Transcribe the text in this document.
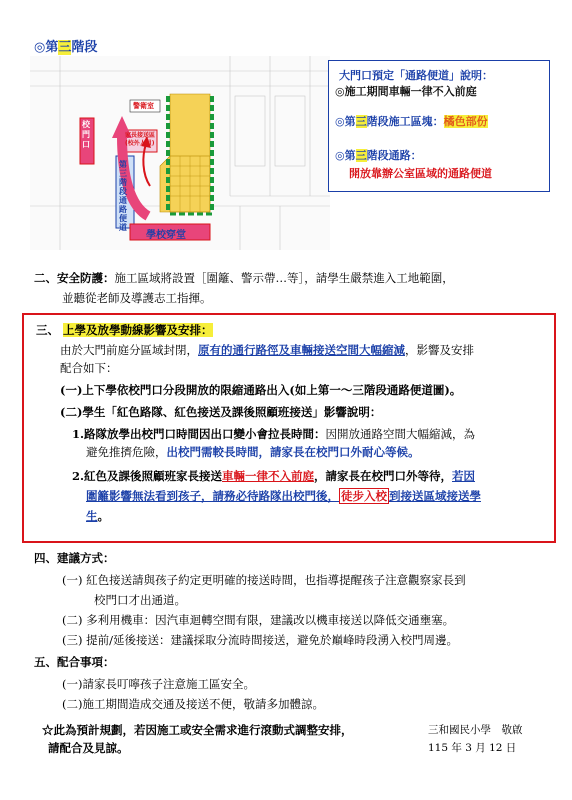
◎第三階段
校門口
警衛室
家長接送區
(校外人員)
第三階段通路便道
學校穿堂
大門口預定「通路便道」說明：
◎施工期間車輛一律不入前庭
◎第三階段施工區塊：橘色部份
◎第三階段通路：
開放靠辦公室區域的通路便道
二、安全防護：施工區域將設置［圍籬、警示帶…等］，請學生嚴禁進入工地範圍，
並聽從老師及導護志工指揮。
三、 上學及放學動線影響及安排：
由於大門前庭分區域封閉，原有的通行路徑及車輛接送空間大幅縮減，影響及安排
配合如下：
(一)上下學依校門口分段開放的限縮通路出入(如上第一～三階段通路便道圖)。
(二)學生「紅色路隊、紅色接送及課後照顧班接送」影響說明：
1.路隊放學出校門口時間因出口變小會拉長時間：因開放通路空間大幅縮減，為
避免推擠危險，出校門需較長時間，請家長在校門口外耐心等候。
2.紅色及課後照顧班家長接送車輛一律不入前庭，請家長在校門口外等待，若因
圍籬影響無法看到孩子，請務必待路隊出校門後， 徒步入校 到接送區域接送學
生。
四、建議方式：
(一) 紅色接送請與孩子約定更明確的接送時間，也指導提醒孩子注意觀察家長到
校門口才出通道。
(二) 多利用機車：因汽車迴轉空間有限，建議改以機車接送以降低交通壅塞。
(三) 提前/延後接送：建議採取分流時間接送，避免於巔峰時段湧入校門周邊。
五、配合事項：
(一)請家長叮嚀孩子注意施工區安全。
(二)施工期間造成交通及接送不便，敬請多加體諒。
☆此為預計規劃，若因施工或安全需求進行滾動式調整安排，
請配合及見諒。
三和國民小學　敬啟
115 年 3 月 12 日
